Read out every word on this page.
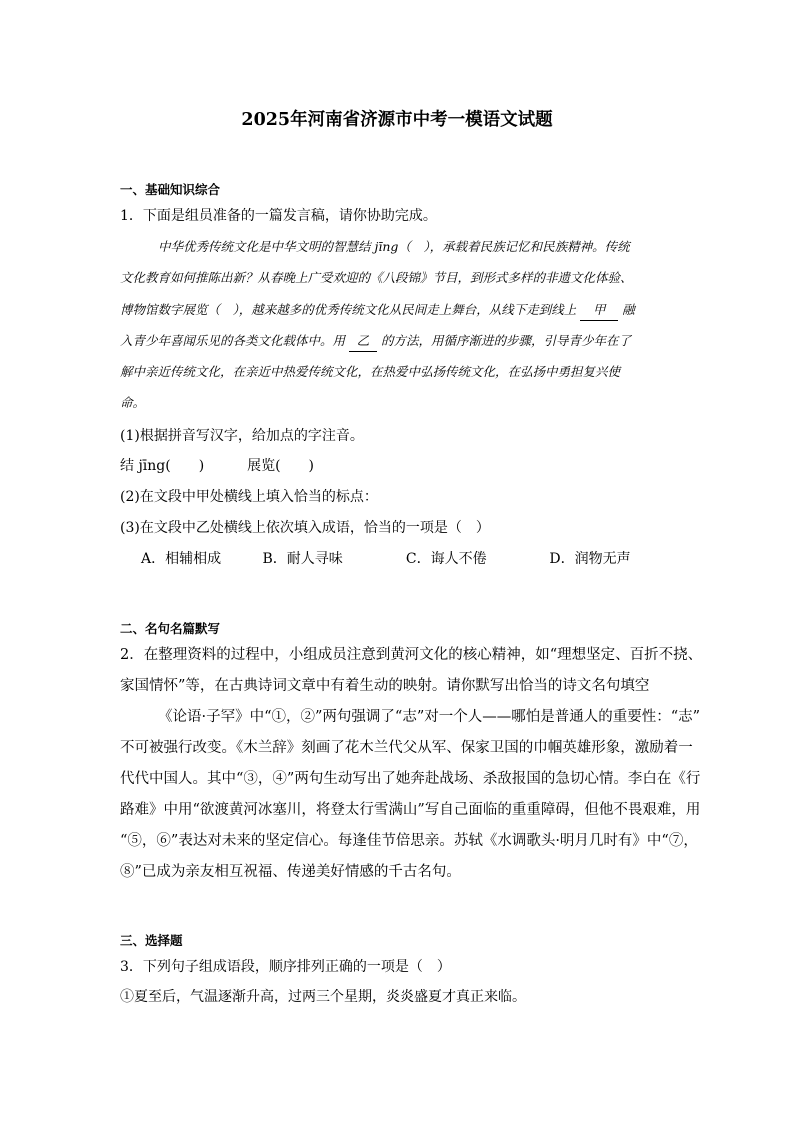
2025年河南省济源市中考一模语文试题
一、基础知识综合
1．下面是组员准备的一篇发言稿，请你协助完成。
中华优秀传统文化是中华文明的智慧结 jīng（　），承载着民族记忆和民族精神。传统
文化教育如何推陈出新？从春晚上广受欢迎的《八段锦》节目，到形式多样的非遗文化体验、
博物馆数字展览（　），越来越多的优秀传统文化从民间走上舞台，从线下走到线上 甲 融
入青少年喜闻乐见的各类文化载体中。用 乙 的方法，用循序渐进的步骤，引导青少年在了
解中亲近传统文化，在亲近中热爱传统文化，在热爱中弘扬传统文化，在弘扬中勇担复兴使
命。
(1)根据拼音写汉字，给加点的字注音。
结 jīng(　　)	展览(　　)
(2)在文段中甲处横线上填入恰当的标点：
(3)在文段中乙处横线上依次填入成语，恰当的一项是（　）
A．相辅相成	B．耐人寻味	C．诲人不倦	D．润物无声
二、名句名篇默写
2．在整理资料的过程中，小组成员注意到黄河文化的核心精神，如“理想坚定、百折不挠、
家国情怀”等，在古典诗词文章中有着生动的映射。请你默写出恰当的诗文名句填空
《论语·子罕》中“①，②”两句强调了“志”对一个人——哪怕是普通人的重要性：“志”
不可被强行改变。《木兰辞》刻画了花木兰代父从军、保家卫国的巾帼英雄形象，激励着一
代代中国人。其中“③，④”两句生动写出了她奔赴战场、杀敌报国的急切心情。李白在《行
路难》中用“欲渡黄河冰塞川，将登太行雪满山”写自己面临的重重障碍，但他不畏艰难，用
“⑤，⑥”表达对未来的坚定信心。每逢佳节倍思亲。苏轼《水调歌头·明月几时有》中“⑦，
⑧”已成为亲友相互祝福、传递美好情感的千古名句。
三、选择题
3．下列句子组成语段，顺序排列正确的一项是（　）
①夏至后，气温逐渐升高，过两三个星期，炎炎盛夏才真正来临。
